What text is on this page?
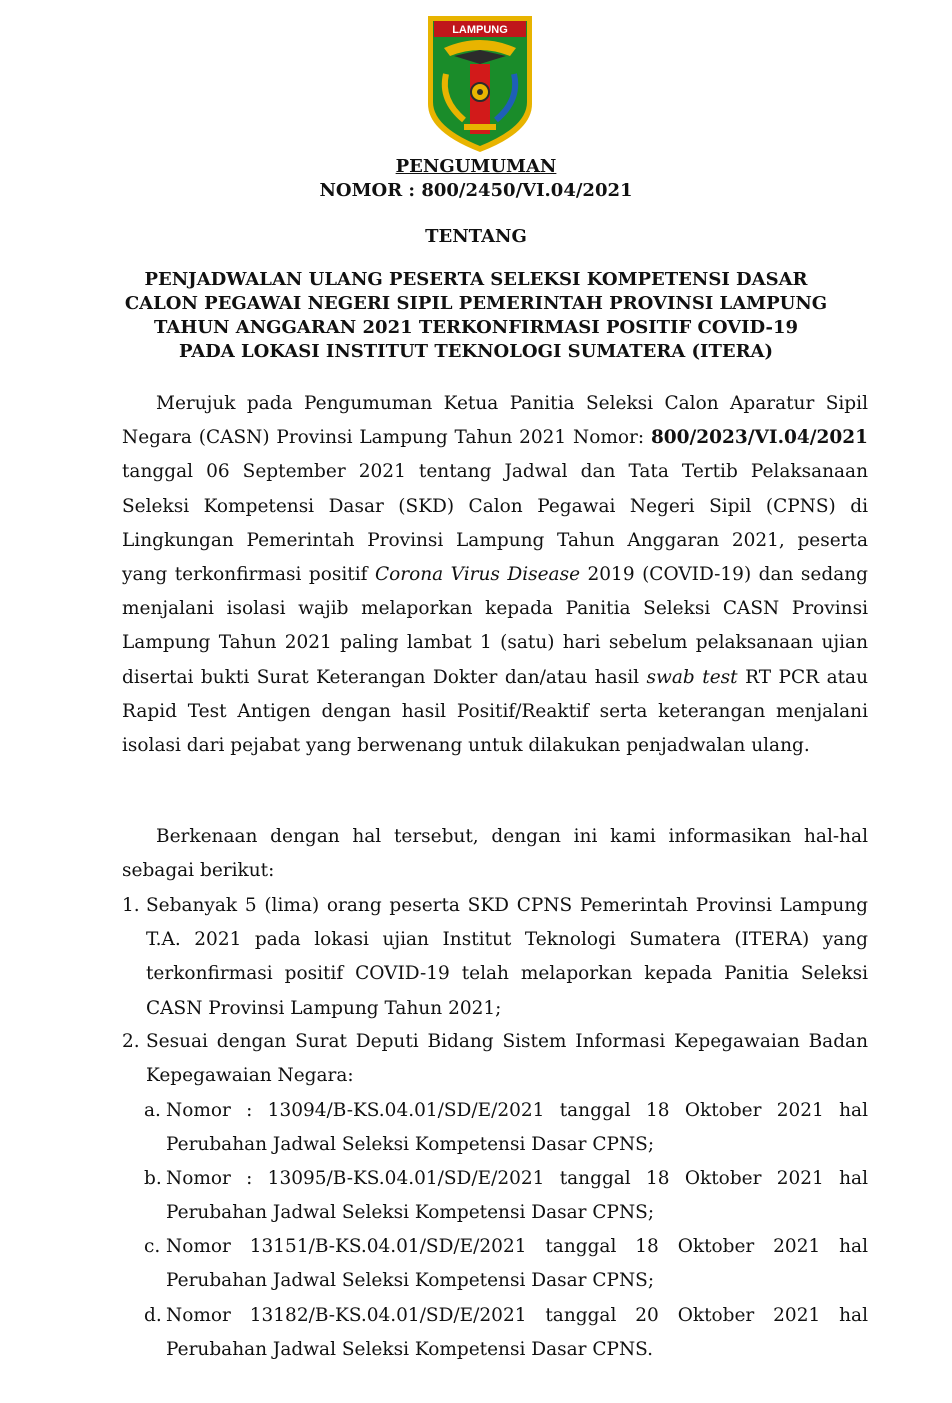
LAMPUNG
PENGUMUMAN
NOMOR : 800/2450/VI.04/2021
TENTANG
PENJADWALAN ULANG PESERTA SELEKSI KOMPETENSI DASAR
CALON PEGAWAI NEGERI SIPIL PEMERINTAH PROVINSI LAMPUNG
TAHUN ANGGARAN 2021 TERKONFIRMASI POSITIF COVID-19
PADA LOKASI INSTITUT TEKNOLOGI SUMATERA (ITERA)

Merujuk pada Pengumuman Ketua Panitia Seleksi Calon Aparatur Sipil Negara (CASN) Provinsi Lampung Tahun 2021 Nomor: 800/2023/VI.04/2021 tanggal 06 September 2021 tentang Jadwal dan Tata Tertib Pelaksanaan Seleksi Kompetensi Dasar (SKD) Calon Pegawai Negeri Sipil (CPNS) di Lingkungan Pemerintah Provinsi Lampung Tahun Anggaran 2021, peserta yang terkonfirmasi positif Corona Virus Disease 2019 (COVID-19) dan sedang menjalani isolasi wajib melaporkan kepada Panitia Seleksi CASN Provinsi Lampung Tahun 2021 paling lambat 1 (satu) hari sebelum pelaksanaan ujian disertai bukti Surat Keterangan Dokter dan/atau hasil swab test RT PCR atau Rapid Test Antigen dengan hasil Positif/Reaktif serta keterangan menjalani isolasi dari pejabat yang berwenang untuk dilakukan penjadwalan ulang.

Berkenaan dengan hal tersebut, dengan ini kami informasikan hal-hal sebagai berikut:

1. Sebanyak 5 (lima) orang peserta SKD CPNS Pemerintah Provinsi Lampung T.A. 2021 pada lokasi ujian Institut Teknologi Sumatera (ITERA) yang terkonfirmasi positif COVID-19 telah melaporkan kepada Panitia Seleksi CASN Provinsi Lampung Tahun 2021;

2. Sesuai dengan Surat Deputi Bidang Sistem Informasi Kepegawaian Badan Kepegawaian Negara:

a. Nomor : 13094/B-KS.04.01/SD/E/2021 tanggal 18 Oktober 2021 hal Perubahan Jadwal Seleksi Kompetensi Dasar CPNS;

b. Nomor : 13095/B-KS.04.01/SD/E/2021 tanggal 18 Oktober 2021 hal Perubahan Jadwal Seleksi Kompetensi Dasar CPNS;

c. Nomor 13151/B-KS.04.01/SD/E/2021 tanggal 18 Oktober 2021 hal Perubahan Jadwal Seleksi Kompetensi Dasar CPNS;

d. Nomor 13182/B-KS.04.01/SD/E/2021 tanggal 20 Oktober 2021 hal Perubahan Jadwal Seleksi Kompetensi Dasar CPNS.
